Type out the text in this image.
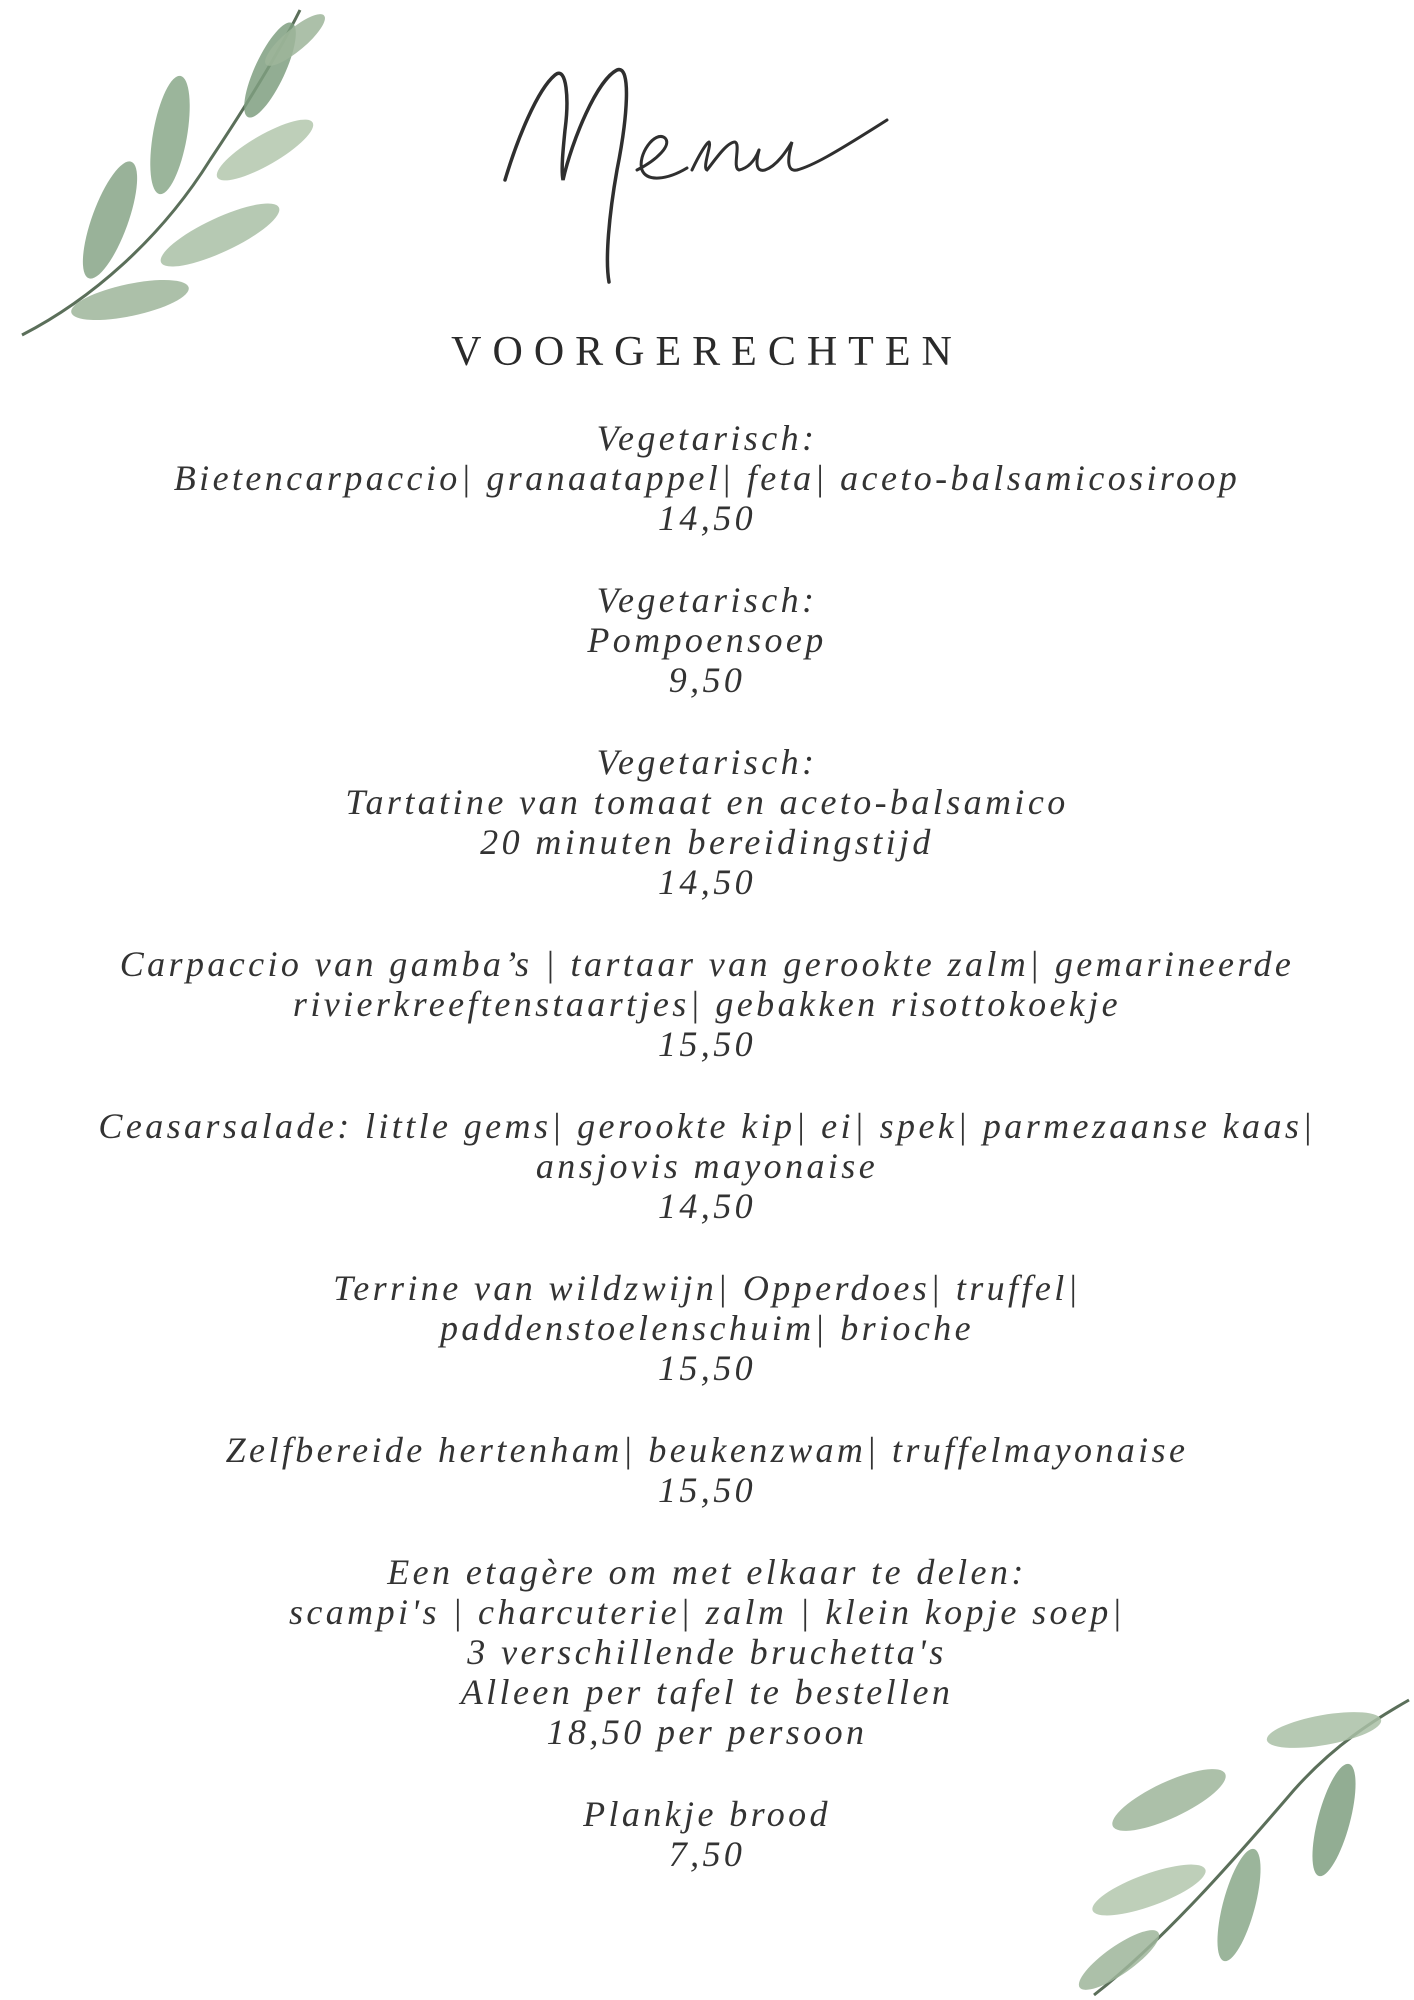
VOORGERECHTEN
Vegetarisch:
Bietencarpaccio| granaatappel| feta| aceto-balsamicosiroop
14,50
Vegetarisch:
Pompoensoep
9,50
Vegetarisch:
Tartatine van tomaat en aceto-balsamico
20 minuten bereidingstijd
14,50
Carpaccio van gamba’s | tartaar van gerookte zalm| gemarineerde
rivierkreeftenstaartjes| gebakken risottokoekje
15,50
Ceasarsalade: little gems| gerookte kip| ei| spek| parmezaanse kaas|
ansjovis mayonaise
14,50
Terrine van wildzwijn| Opperdoes| truffel|
paddenstoelenschuim| brioche
15,50
Zelfbereide hertenham| beukenzwam| truffelmayonaise
15,50
Een etagère om met elkaar te delen:
scampi's | charcuterie| zalm | klein kopje soep|
3 verschillende bruchetta's
Alleen per tafel te bestellen
18,50 per persoon
Plankje brood
7,50
